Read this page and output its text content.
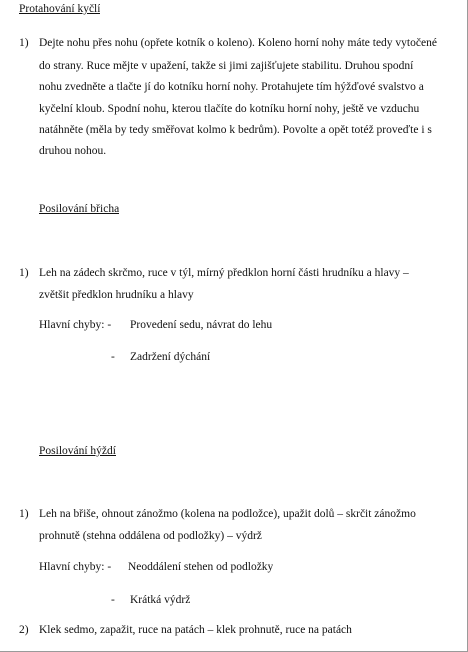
Protahování kyčlí
1) Dejte nohu přes nohu (opřete kotník o koleno). Koleno horní nohy máte tedy vytočené
do strany. Ruce mějte v upažení, takže si jimi zajišťujete stabilitu. Druhou spodní
nohu zvedněte a tlačte jí do kotníku horní nohy. Protahujete tím hýžďové svalstvo a
kyčelní kloub. Spodní nohu, kterou tlačíte do kotníku horní nohy, ještě ve vzduchu
natáhněte (měla by tedy směřovat kolmo k bedrům). Povolte a opět totéž proveďte i s
druhou nohou.
Posilování břicha
1) Leh na zádech skrčmo, ruce v týl, mírný předklon horní části hrudníku a hlavy –
zvětšit předklon hrudníku a hlavy
Hlavní chyby: - Provedení sedu, návrat do lehu
- Zadržení dýchání
Posilování hýždí
1) Leh na břiše, ohnout zánožmo (kolena na podložce), upažit dolů – skrčit zánožmo
prohnutě (stehna oddálena od podložky) – výdrž
Hlavní chyby: - Neoddálení stehen od podložky
- Krátká výdrž
2) Klek sedmo, zapažit, ruce na patách – klek prohnutě, ruce na patách
